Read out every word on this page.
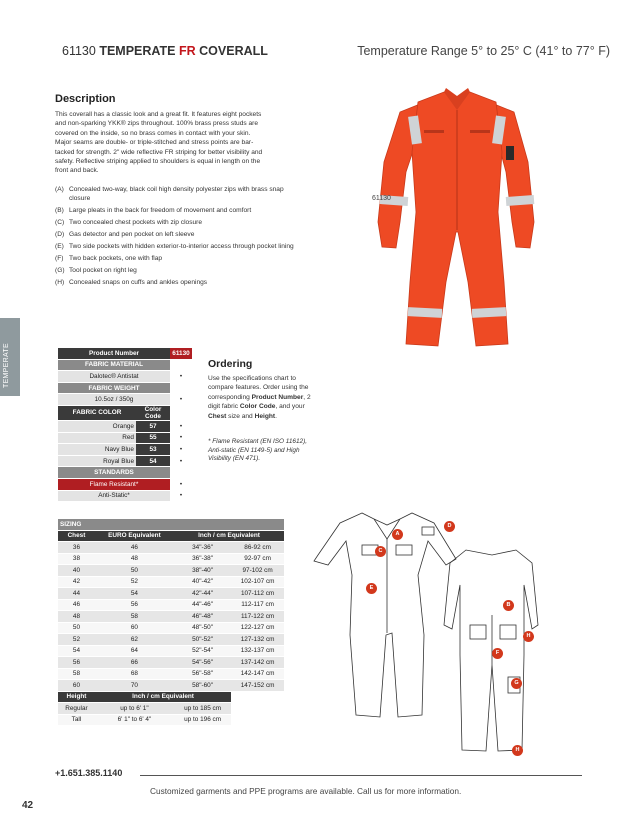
61130 TEMPERATE FR COVERALL	Temperature Range 5° to 25° C (41° to 77° F)
TEMPERATE
Description
This coverall has a classic look and a great fit. It features eight pockets and non-sparking YKK® zips throughout. 100% brass press studs are covered on the inside, so no brass comes in contact with your skin. Major seams are double- or triple-stitched and stress points are bar-tacked for strength. 2" wide reflective FR striping for better visibility and safety. Reflective striping applied to shoulders is equal in length on the front and back.
(A) Concealed two-way, black coil high density polyester zips with brass snap closure
(B) Large pleats in the back for freedom of movement and comfort
(C) Two concealed chest pockets with zip closure
(D) Gas detector and pen pocket on left sleeve
(E) Two side pockets with hidden exterior-to-interior access through pocket lining
(F) Two back pockets, one with flap
(G) Tool pocket on right leg
(H) Concealed snaps on cuffs and ankles openings
61130
Product Number		61130
FABRIC MATERIAL		
Dalotec® Antistat		•
FABRIC WEIGHT		
10.5oz / 350g		•
FABRIC COLOR	Color Code	
Orange	57	•
Red	55	•
Navy Blue	53	•
Royal Blue	54	•
STANDARDS		
Flame Resistant*		•
Anti-Static*		•
Ordering
Use the specifications chart to compare features. Order using the corresponding Product Number, 2 digit fabric Color Code, and your Chest size and Height.
* Flame Resistant (EN ISO 11612), Anti-static (EN 1149-5) and High Visibility (EN 471).
SIZING			
Chest	EURO Equivalent	Inch / cm Equivalent	
36	46	34"-36"	86-92 cm
38	48	36"-38"	92-97 cm
40	50	38"-40"	97-102 cm
42	52	40"-42"	102-107 cm
44	54	42"-44"	107-112 cm
46	56	44"-46"	112-117 cm
48	58	46"-48"	117-122 cm
50	60	48"-50"	122-127 cm
52	62	50"-52"	127-132 cm
54	64	52"-54"	132-137 cm
56	66	54"-56"	137-142 cm
58	68	56"-58"	142-147 cm
60	70	58"-60"	147-152 cm
Height	Inch / cm Equivalent		
Regular	up to 6' 1"	up to 185 cm	
Tall	6' 1" to 6' 4"	up to 196 cm	
A
B
C
D
E
F
G
H
H
+1.651.385.1140
Customized garments and PPE programs are available. Call us for more information.
42
